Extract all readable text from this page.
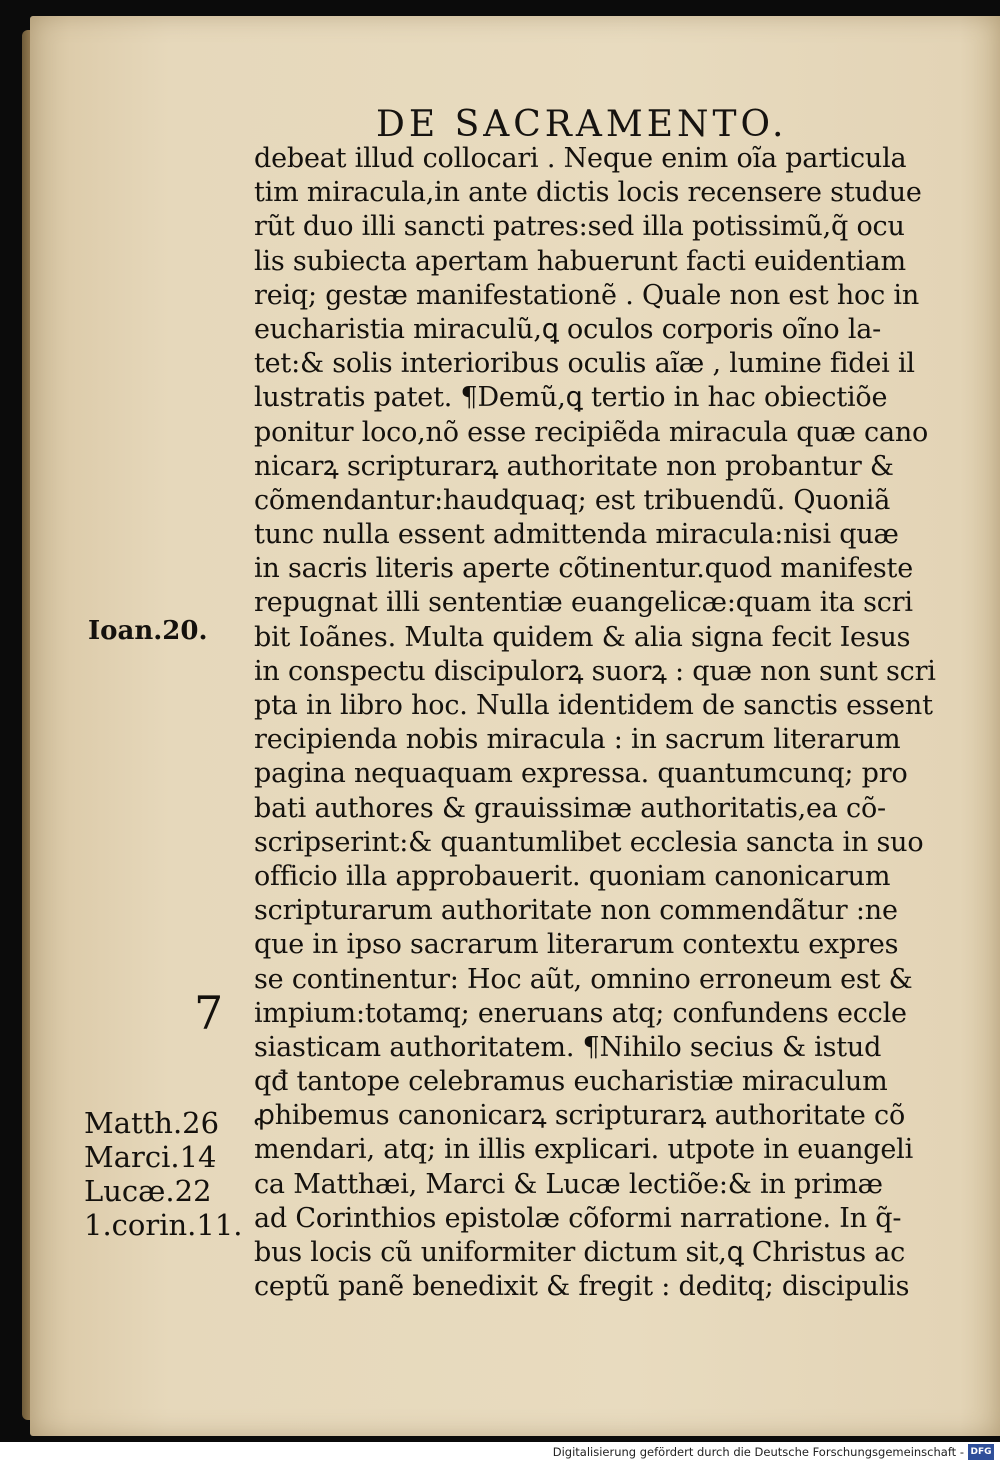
DE SACRAMENTO.
debeat illud collocari . Neque enim oĩa particula
tim miracula,in ante dictis locis recensere studue
rũt duo illi sancti patres:sed illa potissimũ,q̃ ocu
lis subiecta apertam habuerunt facti euidentiam
reiq; gestæ manifestationẽ . Quale non est hoc in
eucharistia miraculũ,ꝗ oculos corporis oĩno la-
tet:& solis interioribus oculis aĩæ , lumine fidei il
lustratis patet. ¶Demũ,ꝗ tertio in hac obiectiõe
ponitur loco,nõ esse recipiẽda miracula quæ cano
nicarꝝ scripturarꝝ authoritate non probantur &
cõmendantur:haudquaq; est tribuendũ. Quoniã
tunc nulla essent admittenda miracula:nisi quæ
in sacris literis aperte cõtinentur.quod manifeste
repugnat illi sententiæ euangelicæ:quam ita scri
bit Ioãnes. Multa quidem & alia signa fecit Iesus
in conspectu discipulorꝝ suorꝝ : quæ non sunt scri
pta in libro hoc. Nulla identidem de sanctis essent
recipienda nobis miracula : in sacrum literarum
pagina nequaquam expressa. quantumcunq; pro
bati authores & grauissimæ authoritatis,ea cõ-
scripserint:& quantumlibet ecclesia sancta in suo
officio illa approbauerit. quoniam canonicarum
scripturarum authoritate non commendãtur :ne
que in ipso sacrarum literarum contextu expres
se continentur: Hoc aũt, omnino erroneum est &
impium:totamq; eneruans atq; confundens eccle
siasticam authoritatem. ¶Nihilo secius & istud
qđ tantope celebramus eucharistiæ miraculum
ꝓhibemus canonicarꝝ scripturarꝝ authoritate cõ
mendari, atq; in illis explicari. utpote in euangeli
ca Matthæi, Marci & Lucæ lectiõe:& in primæ
ad Corinthios epistolæ cõformi narratione. In q̃-
bus locis cũ uniformiter dictum sit,ꝗ Christus ac
ceptũ panẽ benedixit & fregit : deditq; discipulis
Ioan.20.
7
Matth.26
Marci.14
Lucæ.22
1.corin.11.
Digitalisierung gefördert durch die Deutsche Forschungsgemeinschaft - DFG
